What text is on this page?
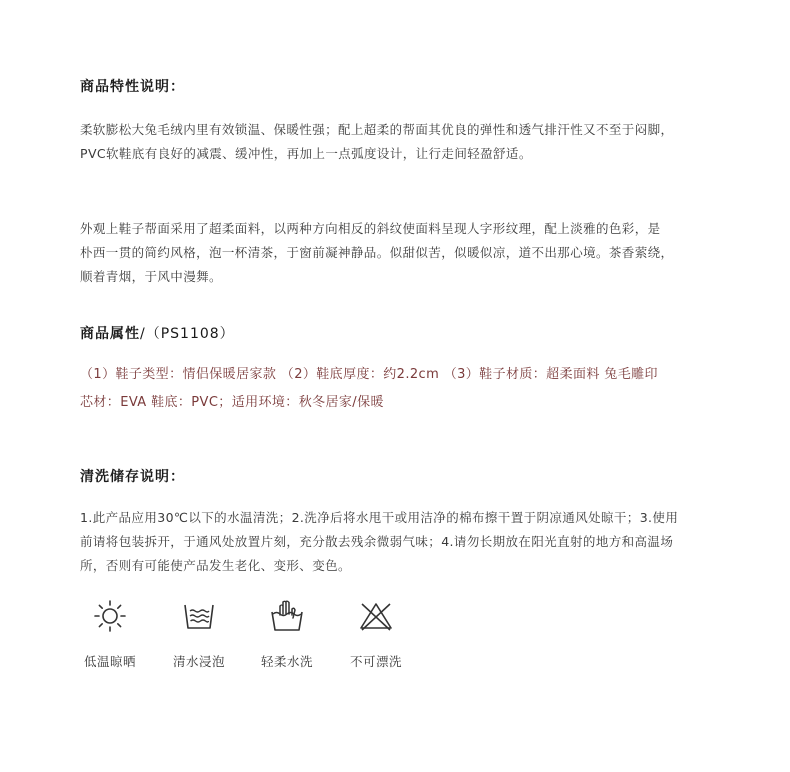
商品特性说明：
柔软膨松大兔毛绒内里有效锁温、保暖性强；配上超柔的帮面其优良的弹性和透气排汗性又不至于闷脚，
PVC软鞋底有良好的减震、缓冲性，再加上一点弧度设计，让行走间轻盈舒适。
外观上鞋子帮面采用了超柔面料，以两种方向相反的斜纹使面料呈现人字形纹理，配上淡雅的色彩，是
朴西一贯的简约风格，泡一杯清茶，于窗前凝神静品。似甜似苦，似暖似凉，道不出那心境。茶香萦绕，
顺着青烟，于风中漫舞。
商品属性/（PS1108）
（1）鞋子类型：情侣保暖居家款 （2）鞋底厚度：约2.2cm （3）鞋子材质：超柔面料 兔毛雕印
芯材：EVA 鞋底：PVC；适用环境：秋冬居家/保暖
清洗储存说明：
1.此产品应用30℃以下的水温清洗；2.洗净后将水甩干或用洁净的棉布擦干置于阴凉通风处晾干；3.使用
前请将包装拆开，于通风处放置片刻，充分散去残余微弱气味；4.请勿长期放在阳光直射的地方和高温场
所，否则有可能使产品发生老化、变形、变色。
低温晾晒	清水浸泡	轻柔水洗	不可漂洗
